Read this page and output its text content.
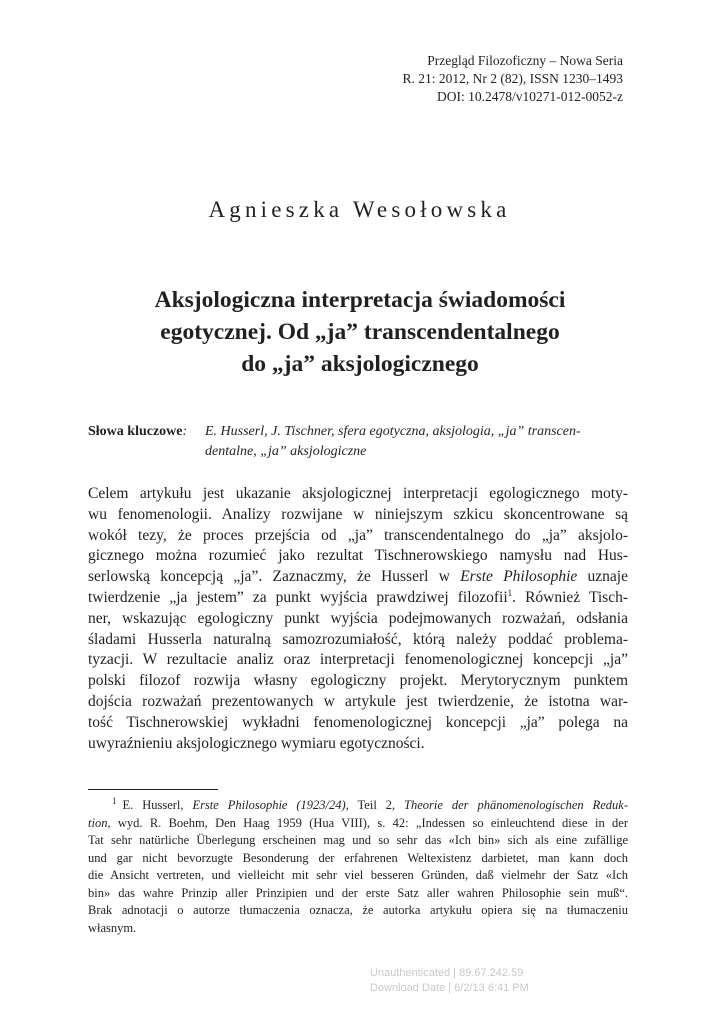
Przegląd Filozoficzny – Nowa Seria
R. 21: 2012, Nr 2 (82), ISSN 1230–1493
DOI: 10.2478/v10271-012-0052-z
Agnieszka Wesołowska
Aksjologiczna interpretacja świadomości
egotycznej. Od „ja” transcendentalnego
do „ja” aksjologicznego
Słowa kluczowe: E. Husserl, J. Tischner, sfera egotyczna, aksjologia, „ja” transcen-
dentalne, „ja” aksjologiczne
Celem artykułu jest ukazanie aksjologicznej interpretacji egologicznego moty-
wu fenomenologii. Analizy rozwijane w niniejszym szkicu skoncentrowane są
wokół tezy, że proces przejścia od „ja” transcendentalnego do „ja” aksjolo-
gicznego można rozumieć jako rezultat Tischnerowskiego namysłu nad Hus-
serlowską koncepcją „ja”. Zaznaczmy, że Husserl w Erste Philosophie uznaje
twierdzenie „ja jestem” za punkt wyjścia prawdziwej filozofii$^1$. Również Tisch-
ner, wskazując egologiczny punkt wyjścia podejmowanych rozważań, odsłania
śladami Husserla naturalną samozrozumiałość, którą należy poddać problema-
tyzacji. W rezultacie analiz oraz interpretacji fenomenologicznej koncepcji „ja”
polski filozof rozwija własny egologiczny projekt. Merytorycznym punktem
dojścia rozważań prezentowanych w artykule jest twierdzenie, że istotna war-
tość Tischnerowskiej wykładni fenomenologicznej koncepcji „ja” polega na
uwyraźnieniu aksjologicznego wymiaru egotyczności.
$^1$ E. Husserl, Erste Philosophie (1923/24), Teil 2, Theorie der phänomenologischen Reduk-
tion, wyd. R. Boehm, Den Haag 1959 (Hua VIII), s. 42: „Indessen so einleuchtend diese in der
Tat sehr natürliche Überlegung erscheinen mag und so sehr das «Ich bin» sich als eine zufällige
und gar nicht bevorzugte Besonderung der erfahrenen Weltexistenz darbietet, man kann doch
die Ansicht vertreten, und vielleicht mit sehr viel besseren Gründen, daß vielmehr der Satz «Ich
bin» das wahre Prinzip aller Prinzipien und der erste Satz aller wahren Philosophie sein muß“.
Brak adnotacji o autorze tłumaczenia oznacza, że autorka artykułu opiera się na tłumaczeniu
własnym.
Unauthenticated | 89.67.242.59
Download Date | 6/2/13 6:41 PM
